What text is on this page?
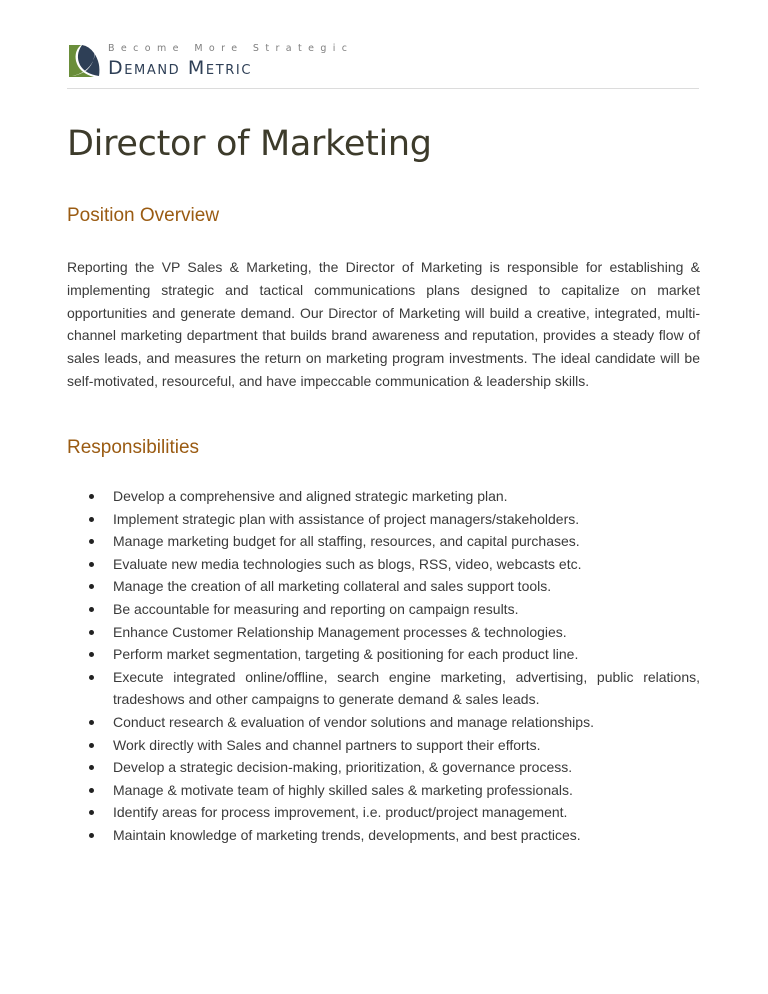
Become More Strategic
Demand Metric
Director of Marketing
Position Overview

Reporting the VP Sales & Marketing, the Director of Marketing is responsible for establishing & implementing strategic and tactical communications plans designed to capitalize on market opportunities and generate demand. Our Director of Marketing will build a creative, integrated, multi-channel marketing department that builds brand awareness and reputation, provides a steady flow of sales leads, and measures the return on marketing program investments. The ideal candidate will be self-motivated, resourceful, and have impeccable communication & leadership skills.

Responsibilities
Develop a comprehensive and aligned strategic marketing plan.
Implement strategic plan with assistance of project managers/stakeholders.
Manage marketing budget for all staffing, resources, and capital purchases.
Evaluate new media technologies such as blogs, RSS, video, webcasts etc.
Manage the creation of all marketing collateral and sales support tools.
Be accountable for measuring and reporting on campaign results.
Enhance Customer Relationship Management processes & technologies.
Perform market segmentation, targeting & positioning for each product line.
Execute integrated online/offline, search engine marketing, advertising, public relations, tradeshows and other campaigns to generate demand & sales leads.
Conduct research & evaluation of vendor solutions and manage relationships.
Work directly with Sales and channel partners to support their efforts.
Develop a strategic decision-making, prioritization, & governance process.
Manage & motivate team of highly skilled sales & marketing professionals.
Identify areas for process improvement, i.e. product/project management.
Maintain knowledge of marketing trends, developments, and best practices.
